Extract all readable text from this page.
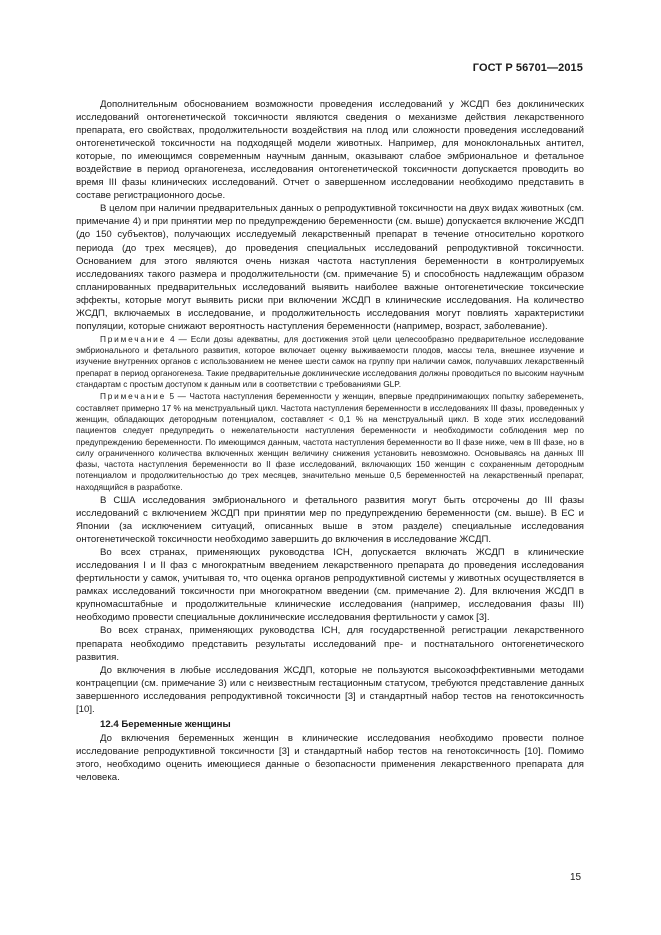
ГОСТ Р 56701—2015

Дополнительным обоснованием возможности проведения исследований у ЖСДП без доклинических исследований онтогенетической токсичности являются сведения о механизме действия лекарственного препарата, его свойствах, продолжительности воздействия на плод или сложности проведения исследований онтогенетической токсичности на подходящей модели животных. Например, для моноклональных антител, которые, по имеющимся современным научным данным, оказывают слабое эмбриональное и фетальное воздействие в период органогенеза, исследования онтогенетической токсичности допускается проводить во время III фазы клинических исследований. Отчет о завершенном исследовании необходимо представить в составе регистрационного досье.

В целом при наличии предварительных данных о репродуктивной токсичности на двух видах животных (см. примечание 4) и при принятии мер по предупреждению беременности (см. выше) допускается включение ЖСДП (до 150 субъектов), получающих исследуемый лекарственный препарат в течение относительно короткого периода (до трех месяцев), до проведения специальных исследований репродуктивной токсичности. Основанием для этого являются очень низкая частота наступления беременности в контролируемых исследованиях такого размера и продолжительности (см. примечание 5) и способность надлежащим образом спланированных предварительных исследований выявить наиболее важные онтогенетические токсические эффекты, которые могут выявить риски при включении ЖСДП в клинические исследования. На количество ЖСДП, включаемых в исследование, и продолжительность исследования могут повлиять характеристики популяции, которые снижают вероятность наступления беременности (например, возраст, заболевание).

Примечание 4 — Если дозы адекватны, для достижения этой цели целесообразно предварительное исследование эмбрионального и фетального развития, которое включает оценку выживаемости плодов, массы тела, внешнее изучение и изучение внутренних органов с использованием не менее шести самок на группу при наличии самок, получавших лекарственный препарат в период органогенеза. Такие предварительные доклинические исследования должны проводиться по высоким научным стандартам с простым доступом к данным или в соответствии с требованиями GLP.

Примечание 5 — Частота наступления беременности у женщин, впервые предпринимающих попытку забеременеть, составляет примерно 17 % на менструальный цикл. Частота наступления беременности в исследованиях III фазы, проведенных у женщин, обладающих детородным потенциалом, составляет < 0,1 % на менструальный цикл. В ходе этих исследований пациентов следует предупредить о нежелательности наступления беременности и необходимости соблюдения мер по предупреждению беременности. По имеющимся данным, частота наступления беременности во II фазе ниже, чем в III фазе, но в силу ограниченного количества включенных женщин величину снижения установить невозможно. Основываясь на данных III фазы, частота наступления беременности во II фазе исследований, включающих 150 женщин с сохраненным детородным потенциалом и продолжительностью до трех месяцев, значительно меньше 0,5 беременностей на лекарственный препарат, находящийся в разработке.

В США исследования эмбрионального и фетального развития могут быть отсрочены до III фазы исследований с включением ЖСДП при принятии мер по предупреждению беременности (см. выше). В ЕС и Японии (за исключением ситуаций, описанных выше в этом разделе) специальные исследования онтогенетической токсичности необходимо завершить до включения в исследование ЖСДП.

Во всех странах, применяющих руководства ICH, допускается включать ЖСДП в клинические исследования I и II фаз с многократным введением лекарственного препарата до проведения исследования фертильности у самок, учитывая то, что оценка органов репродуктивной системы у животных осуществляется в рамках исследований токсичности при многократном введении (см. примечание 2). Для включения ЖСДП в крупномасштабные и продолжительные клинические исследования (например, исследования фазы III) необходимо провести специальные доклинические исследования фертильности у самок [3].

Во всех странах, применяющих руководства ICH, для государственной регистрации лекарственного препарата необходимо представить результаты исследований пре- и постнатального онтогенетического развития.

До включения в любые исследования ЖСДП, которые не пользуются высокоэффективными методами контрацепции (см. примечание 3) или с неизвестным гестационным статусом, требуются представление данных завершенного исследования репродуктивной токсичности [3] и стандартный набор тестов на генотоксичность [10].

12.4 Беременные женщины

До включения беременных женщин в клинические исследования необходимо провести полное исследование репродуктивной токсичности [3] и стандартный набор тестов на генотоксичность [10]. Помимо этого, необходимо оценить имеющиеся данные о безопасности применения лекарственного препарата для человека.

15
